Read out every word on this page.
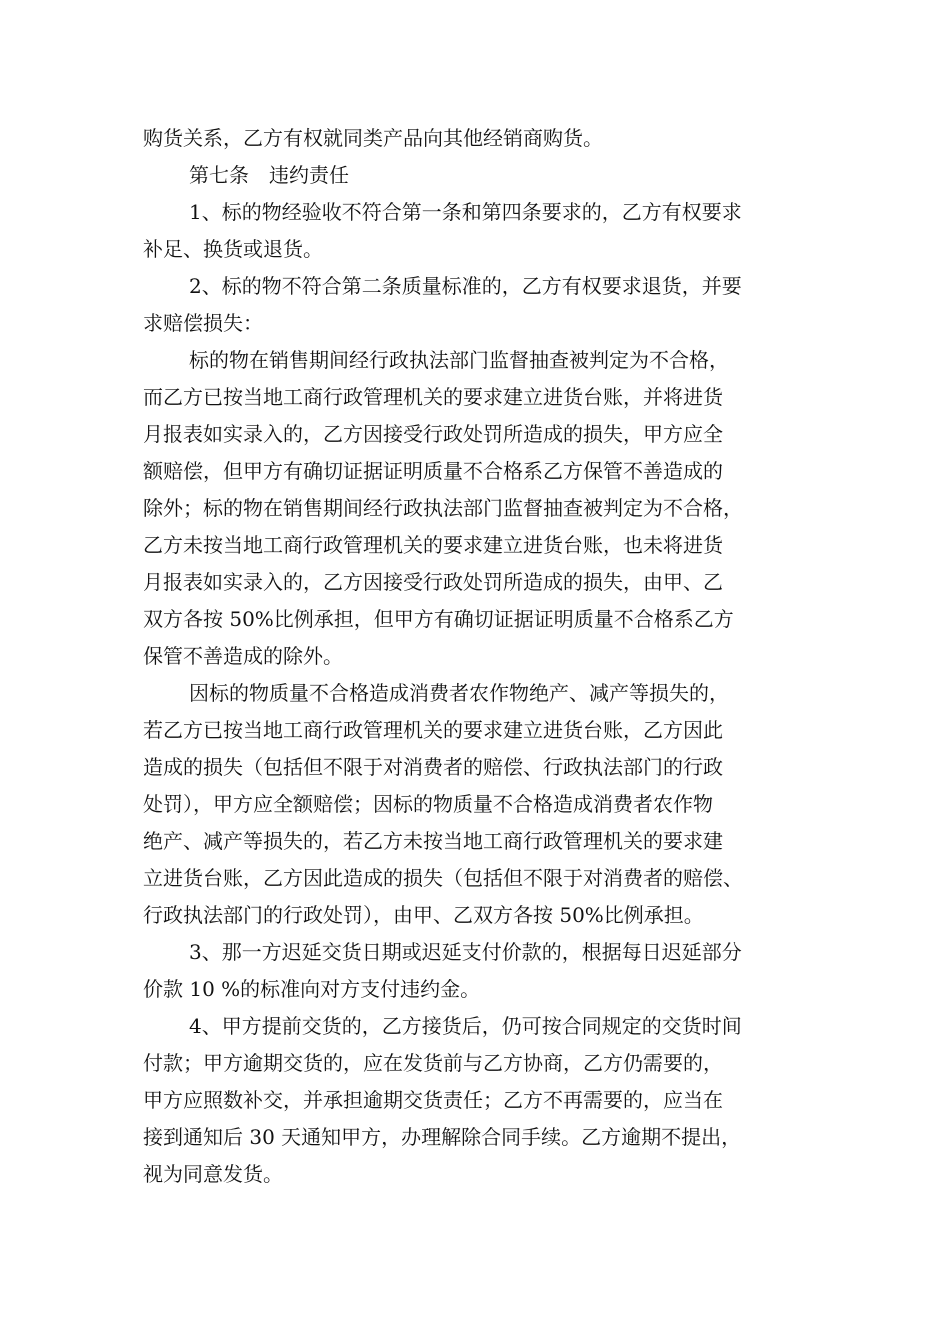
购货关系，乙方有权就同类产品向其他经销商购货。
第七条　违约责任
1、标的物经验收不符合第一条和第四条要求的，乙方有权要求
补足、换货或退货。
2、标的物不符合第二条质量标准的，乙方有权要求退货，并要
求赔偿损失：
标的物在销售期间经行政执法部门监督抽查被判定为不合格，
而乙方已按当地工商行政管理机关的要求建立进货台账，并将进货
月报表如实录入的，乙方因接受行政处罚所造成的损失，甲方应全
额赔偿，但甲方有确切证据证明质量不合格系乙方保管不善造成的
除外；标的物在销售期间经行政执法部门监督抽查被判定为不合格，
乙方未按当地工商行政管理机关的要求建立进货台账，也未将进货
月报表如实录入的，乙方因接受行政处罚所造成的损失，由甲、乙
双方各按 50%比例承担，但甲方有确切证据证明质量不合格系乙方
保管不善造成的除外。
因标的物质量不合格造成消费者农作物绝产、减产等损失的，
若乙方已按当地工商行政管理机关的要求建立进货台账，乙方因此
造成的损失（包括但不限于对消费者的赔偿、行政执法部门的行政
处罚），甲方应全额赔偿；因标的物质量不合格造成消费者农作物
绝产、减产等损失的，若乙方未按当地工商行政管理机关的要求建
立进货台账，乙方因此造成的损失（包括但不限于对消费者的赔偿、
行政执法部门的行政处罚），由甲、乙双方各按 50%比例承担。
3、那一方迟延交货日期或迟延支付价款的，根据每日迟延部分
价款 10 %的标准向对方支付违约金。
4、甲方提前交货的，乙方接货后，仍可按合同规定的交货时间
付款；甲方逾期交货的，应在发货前与乙方协商，乙方仍需要的，
甲方应照数补交，并承担逾期交货责任；乙方不再需要的，应当在
接到通知后 30 天通知甲方，办理解除合同手续。乙方逾期不提出，
视为同意发货。
